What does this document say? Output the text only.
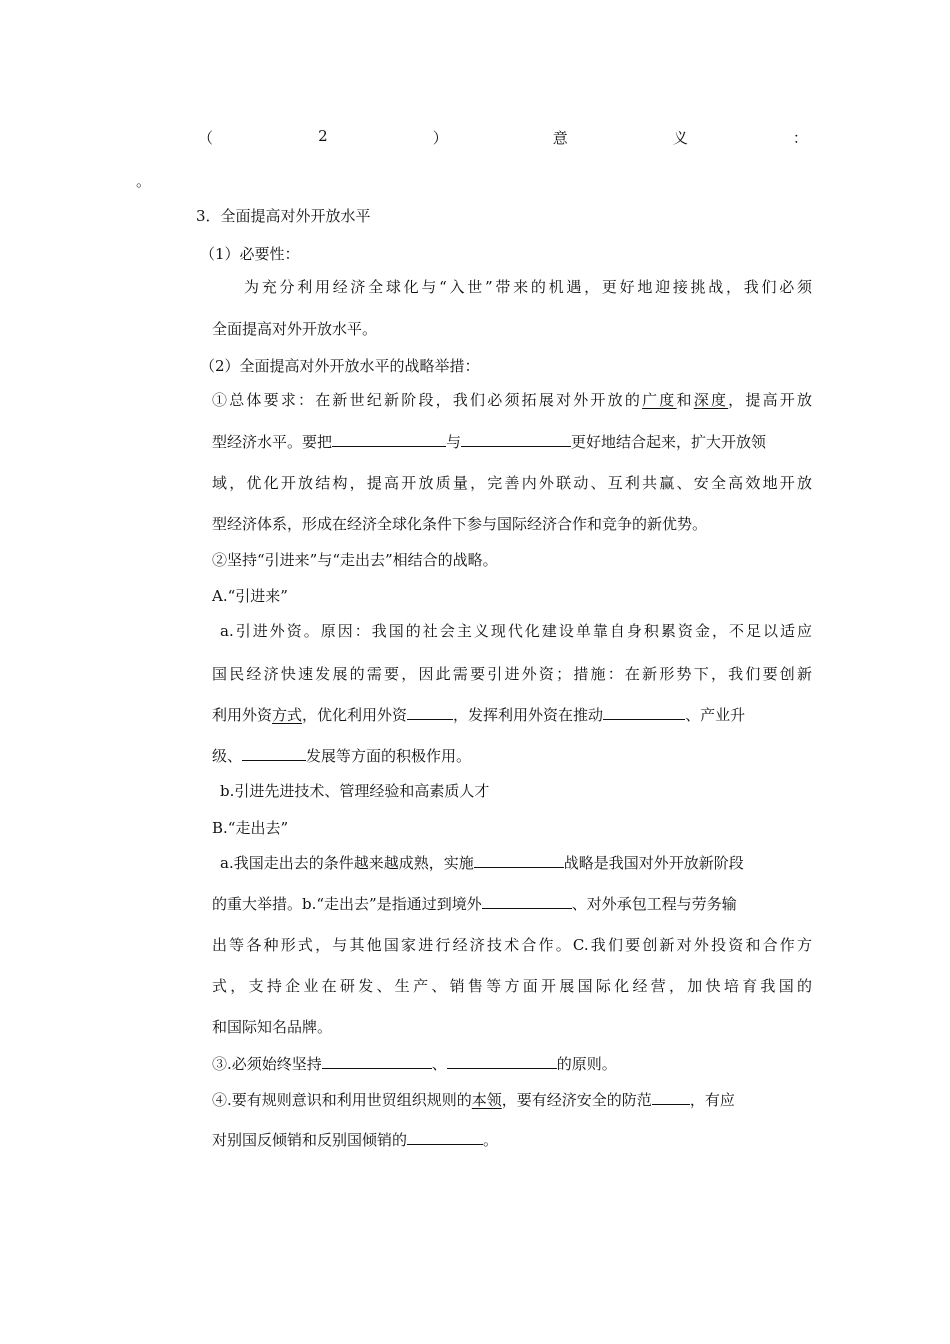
（	2	）	意	义	：
。
3．全面提高对外开放水平
（1）必要性：
为充分利用经济全球化与“入世”带来的机遇，更好地迎接挑战，我们必须
全面提高对外开放水平。
（2）全面提高对外开放水平的战略举措：
①总体要求：在新世纪新阶段，我们必须拓展对外开放的广度和深度，提高开放
型经济水平。要把	与	更好地结合起来，扩大开放领
域，优化开放结构，提高开放质量，完善内外联动、互利共赢、安全高效地开放
型经济体系，形成在经济全球化条件下参与国际经济合作和竞争的新优势。
②坚持“引进来”与“走出去”相结合的战略。
A.“引进来”
a.引进外资。原因：我国的社会主义现代化建设单靠自身积累资金，不足以适应
国民经济快速发展的需要，因此需要引进外资；措施：在新形势下，我们要创新
利用外资方式，优化利用外资	，发挥利用外资在推动	、产业升
级、	发展等方面的积极作用。
b.引进先进技术、管理经验和高素质人才
B.“走出去”
a.我国走出去的条件越来越成熟，实施	战略是我国对外开放新阶段
的重大举措。b.“走出去”是指通过到境外	、对外承包工程与劳务输
出等各种形式，与其他国家进行经济技术合作。C.我们要创新对外投资和合作方
式，支持企业在研发、生产、销售等方面开展国际化经营，加快培育我国的
和国际知名品牌。
③.必须始终坚持	、	的原则。
④.要有规则意识和利用世贸组织规则的本领，要有经济安全的防范	，有应
对别国反倾销和反别国倾销的	。
